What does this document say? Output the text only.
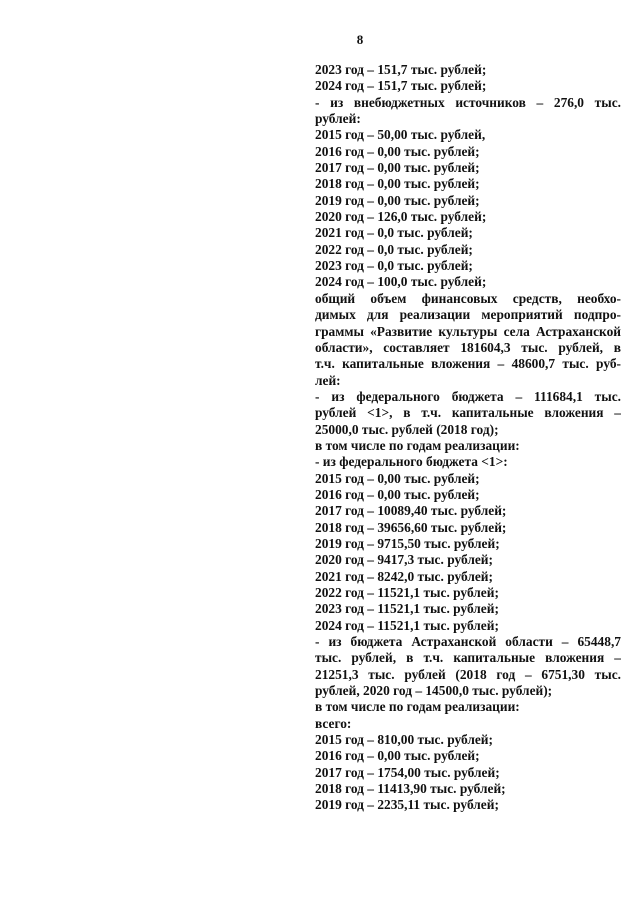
8
2023 год – 151,7 тыс. рублей;
2024 год – 151,7 тыс. рублей;
- из внебюджетных источников – 276,0 тыс.
рублей:
2015 год – 50,00 тыс. рублей,
2016 год – 0,00 тыс. рублей;
2017 год – 0,00 тыс. рублей;
2018 год – 0,00 тыс. рублей;
2019 год – 0,00 тыс. рублей;
2020 год – 126,0 тыс. рублей;
2021 год – 0,0 тыс. рублей;
2022 год – 0,0 тыс. рублей;
2023 год – 0,0 тыс. рублей;
2024 год – 100,0 тыс. рублей;
общий объем финансовых средств, необхо-
димых для реализации мероприятий подпро-
граммы «Развитие культуры села Астраханской
области», составляет 181604,3 тыс. рублей, в
т.ч. капитальные вложения – 48600,7 тыс. руб-
лей:
- из федерального бюджета – 111684,1 тыс.
рублей <1>, в т.ч. капитальные вложения –
25000,0 тыс. рублей (2018 год);
в том числе по годам реализации:
- из федерального бюджета <1>:
2015 год – 0,00 тыс. рублей;
2016 год – 0,00 тыс. рублей;
2017 год – 10089,40 тыс. рублей;
2018 год – 39656,60 тыс. рублей;
2019 год – 9715,50 тыс. рублей;
2020 год – 9417,3 тыс. рублей;
2021 год – 8242,0 тыс. рублей;
2022 год – 11521,1 тыс. рублей;
2023 год – 11521,1 тыс. рублей;
2024 год – 11521,1 тыс. рублей;
- из бюджета Астраханской области – 65448,7
тыс. рублей, в т.ч. капитальные вложения –
21251,3 тыс. рублей (2018 год – 6751,30 тыс.
рублей, 2020 год – 14500,0 тыс. рублей);
в том числе по годам реализации:
всего:
2015 год – 810,00 тыс. рублей;
2016 год – 0,00 тыс. рублей;
2017 год – 1754,00 тыс. рублей;
2018 год – 11413,90 тыс. рублей;
2019 год – 2235,11 тыс. рублей;
